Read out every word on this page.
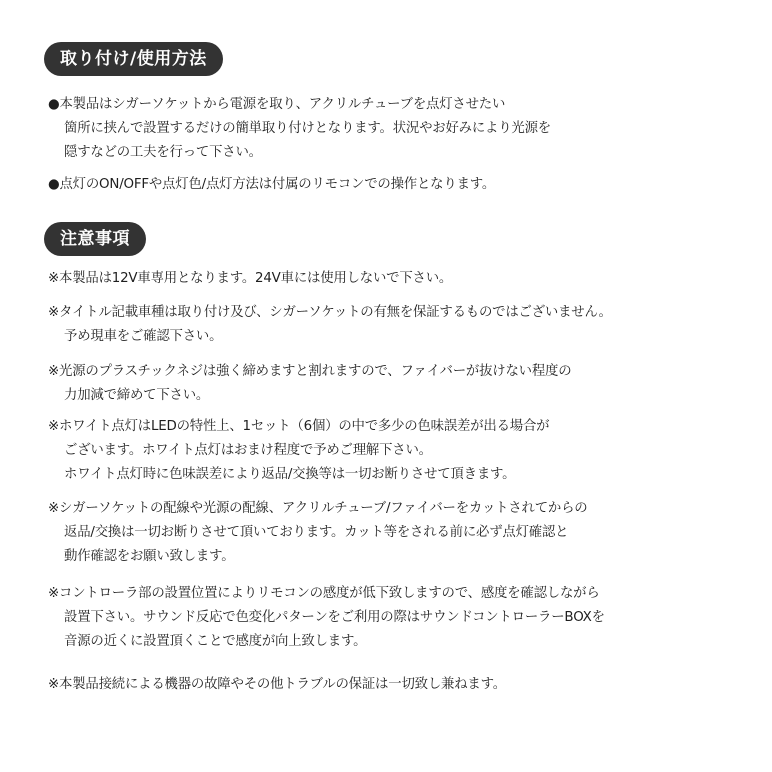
取り付け/使用方法
●本製品はシガーソケットから電源を取り、アクリルチューブを点灯させたい
箇所に挟んで設置するだけの簡単取り付けとなります。状況やお好みにより光源を
隠すなどの工夫を行って下さい。
●点灯のON/OFFや点灯色/点灯方法は付属のリモコンでの操作となります。
注意事項
※本製品は12V車専用となります。24V車には使用しないで下さい。
※タイトル記載車種は取り付け及び、シガーソケットの有無を保証するものではございません。
予め現車をご確認下さい。
※光源のプラスチックネジは強く締めますと割れますので、ファイバーが抜けない程度の
力加減で締めて下さい。
※ホワイト点灯はLEDの特性上、1セット（6個）の中で多少の色味誤差が出る場合が
ございます。ホワイト点灯はおまけ程度で予めご理解下さい。
ホワイト点灯時に色味誤差により返品/交換等は一切お断りさせて頂きます。
※シガーソケットの配線や光源の配線、アクリルチューブ/ファイバーをカットされてからの
返品/交換は一切お断りさせて頂いております。カット等をされる前に必ず点灯確認と
動作確認をお願い致します。
※コントローラ部の設置位置によりリモコンの感度が低下致しますので、感度を確認しながら
設置下さい。サウンド反応で色変化パターンをご利用の際はサウンドコントローラーBOXを
音源の近くに設置頂くことで感度が向上致します。
※本製品接続による機器の故障やその他トラブルの保証は一切致し兼ねます。
